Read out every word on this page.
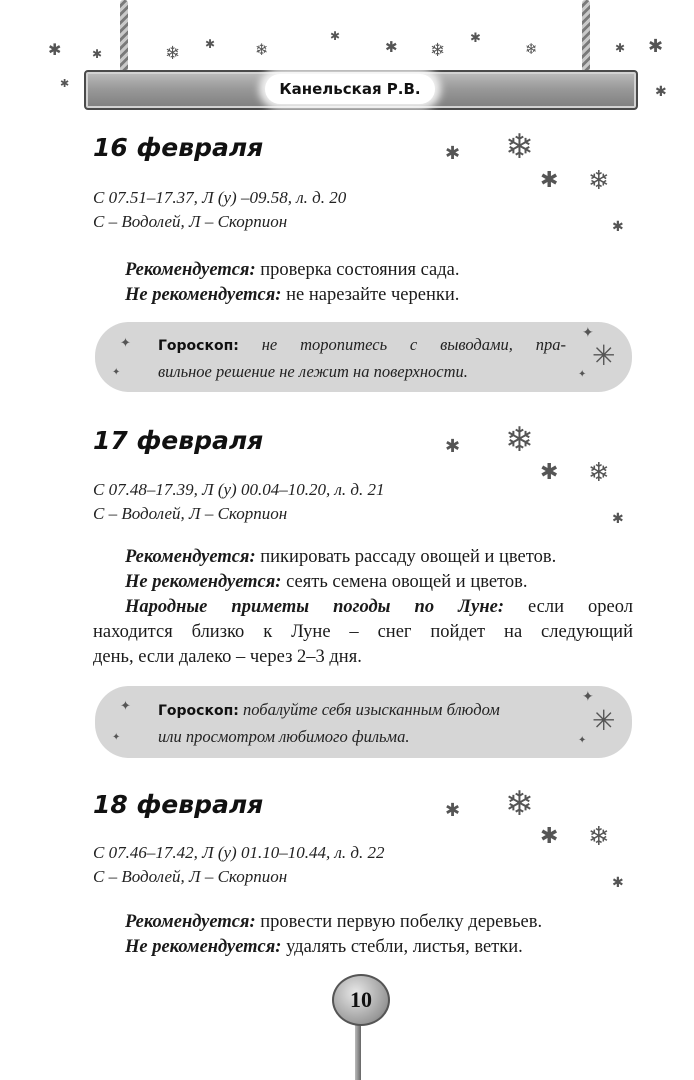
✱	✱	❄ ✱ ❄
✱
✱ ❄
✱
❄	✱ ✱
✱
✱	Канельская Р.В.
16 февраля	❄
✱
✱ ❄
✱
С 07.51–17.37, Л (у) –09.58, л. д. 20
С – Водолей, Л – Скорпион
Рекомендуется: проверка состояния сада.
Не рекомендуется: не нарезайте черенки.
✦
✦
✦
✳
✦
Гороскоп: не торопитесь с выводами, пра-
вильное решение не лежит на поверхности.
17 февраля	❄
✱
✱ ❄
✱
С 07.48–17.39, Л (у) 00.04–10.20, л. д. 21
С – Водолей, Л – Скорпион
Рекомендуется: пикировать рассаду овощей и цветов.
Не рекомендуется: сеять семена овощей и цветов.
Народные приметы погоды по Луне: если ореол
находится близко к Луне – снег пойдет на следующий
день, если далеко – через 2–3 дня.
✦
✦
✦
✳
✦
Гороскоп: побалуйте себя изысканным блюдом
или просмотром любимого фильма.
18 февраля	❄
✱
✱ ❄
✱
С 07.46–17.42, Л (у) 01.10–10.44, л. д. 22
С – Водолей, Л – Скорпион
Рекомендуется: провести первую побелку деревьев.
Не рекомендуется: удалять стебли, листья, ветки.
10
